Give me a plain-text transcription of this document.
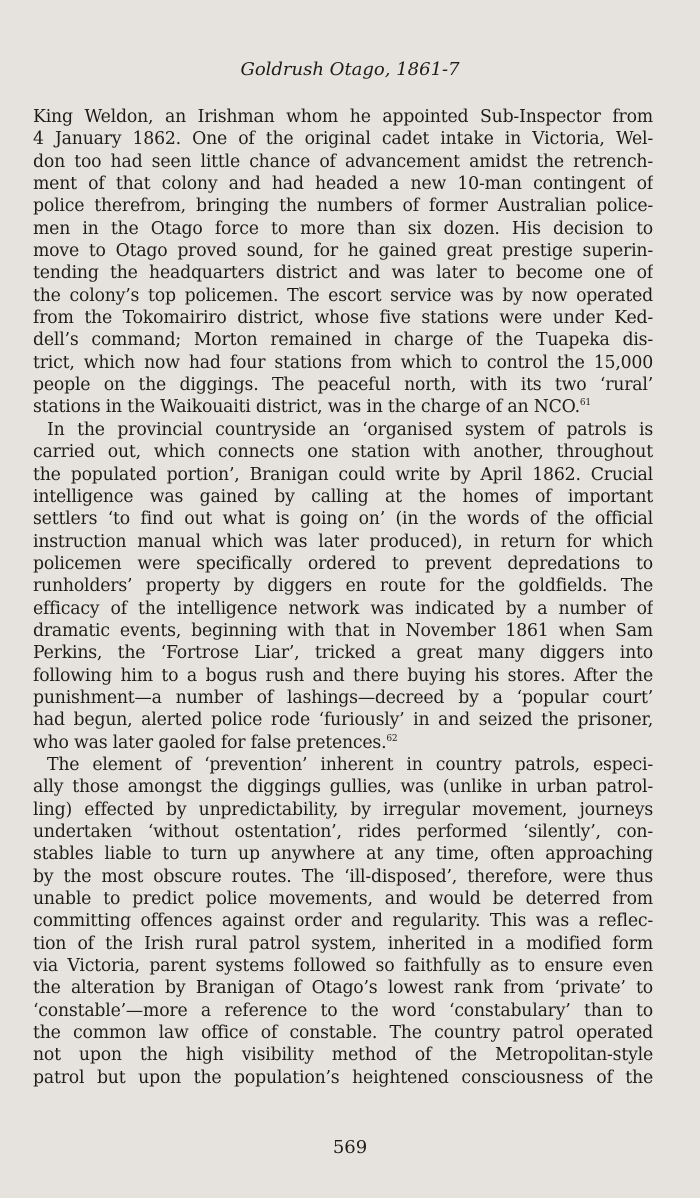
Goldrush Otago, 1861-7
King Weldon, an Irishman whom he appointed Sub-Inspector from
4 January 1862. One of the original cadet intake in Victoria, Wel-
don too had seen little chance of advancement amidst the retrench-
ment of that colony and had headed a new 10-man contingent of
police therefrom, bringing the numbers of former Australian police-
men in the Otago force to more than six dozen. His decision to
move to Otago proved sound, for he gained great prestige superin-
tending the headquarters district and was later to become one of
the colony’s top policemen. The escort service was by now operated
from the Tokomairiro district, whose five stations were under Ked-
dell’s command; Morton remained in charge of the Tuapeka dis-
trict, which now had four stations from which to control the 15,000
people on the diggings. The peaceful north, with its two ‘rural’
stations in the Waikouaiti district, was in the charge of an NCO.$^{61}$
In the provincial countryside an ‘organised system of patrols is
carried out, which connects one station with another, throughout
the populated portion’, Branigan could write by April 1862. Crucial
intelligence was gained by calling at the homes of important
settlers ‘to find out what is going on’ (in the words of the official
instruction manual which was later produced), in return for which
policemen were specifically ordered to prevent depredations to
runholders’ property by diggers en route for the goldfields. The
efficacy of the intelligence network was indicated by a number of
dramatic events, beginning with that in November 1861 when Sam
Perkins, the ‘Fortrose Liar’, tricked a great many diggers into
following him to a bogus rush and there buying his stores. After the
punishment—a number of lashings—decreed by a ‘popular court’
had begun, alerted police rode ‘furiously’ in and seized the prisoner,
who was later gaoled for false pretences.$^{62}$
The element of ‘prevention’ inherent in country patrols, especi-
ally those amongst the diggings gullies, was (unlike in urban patrol-
ling) effected by unpredictability, by irregular movement, journeys
undertaken ‘without ostentation’, rides performed ‘silently’, con-
stables liable to turn up anywhere at any time, often approaching
by the most obscure routes. The ‘ill-disposed’, therefore, were thus
unable to predict police movements, and would be deterred from
committing offences against order and regularity. This was a reflec-
tion of the Irish rural patrol system, inherited in a modified form
via Victoria, parent systems followed so faithfully as to ensure even
the alteration by Branigan of Otago’s lowest rank from ‘private’ to
‘constable’—more a reference to the word ‘constabulary’ than to
the common law office of constable. The country patrol operated
not upon the high visibility method of the Metropolitan-style
patrol but upon the population’s heightened consciousness of the
569
